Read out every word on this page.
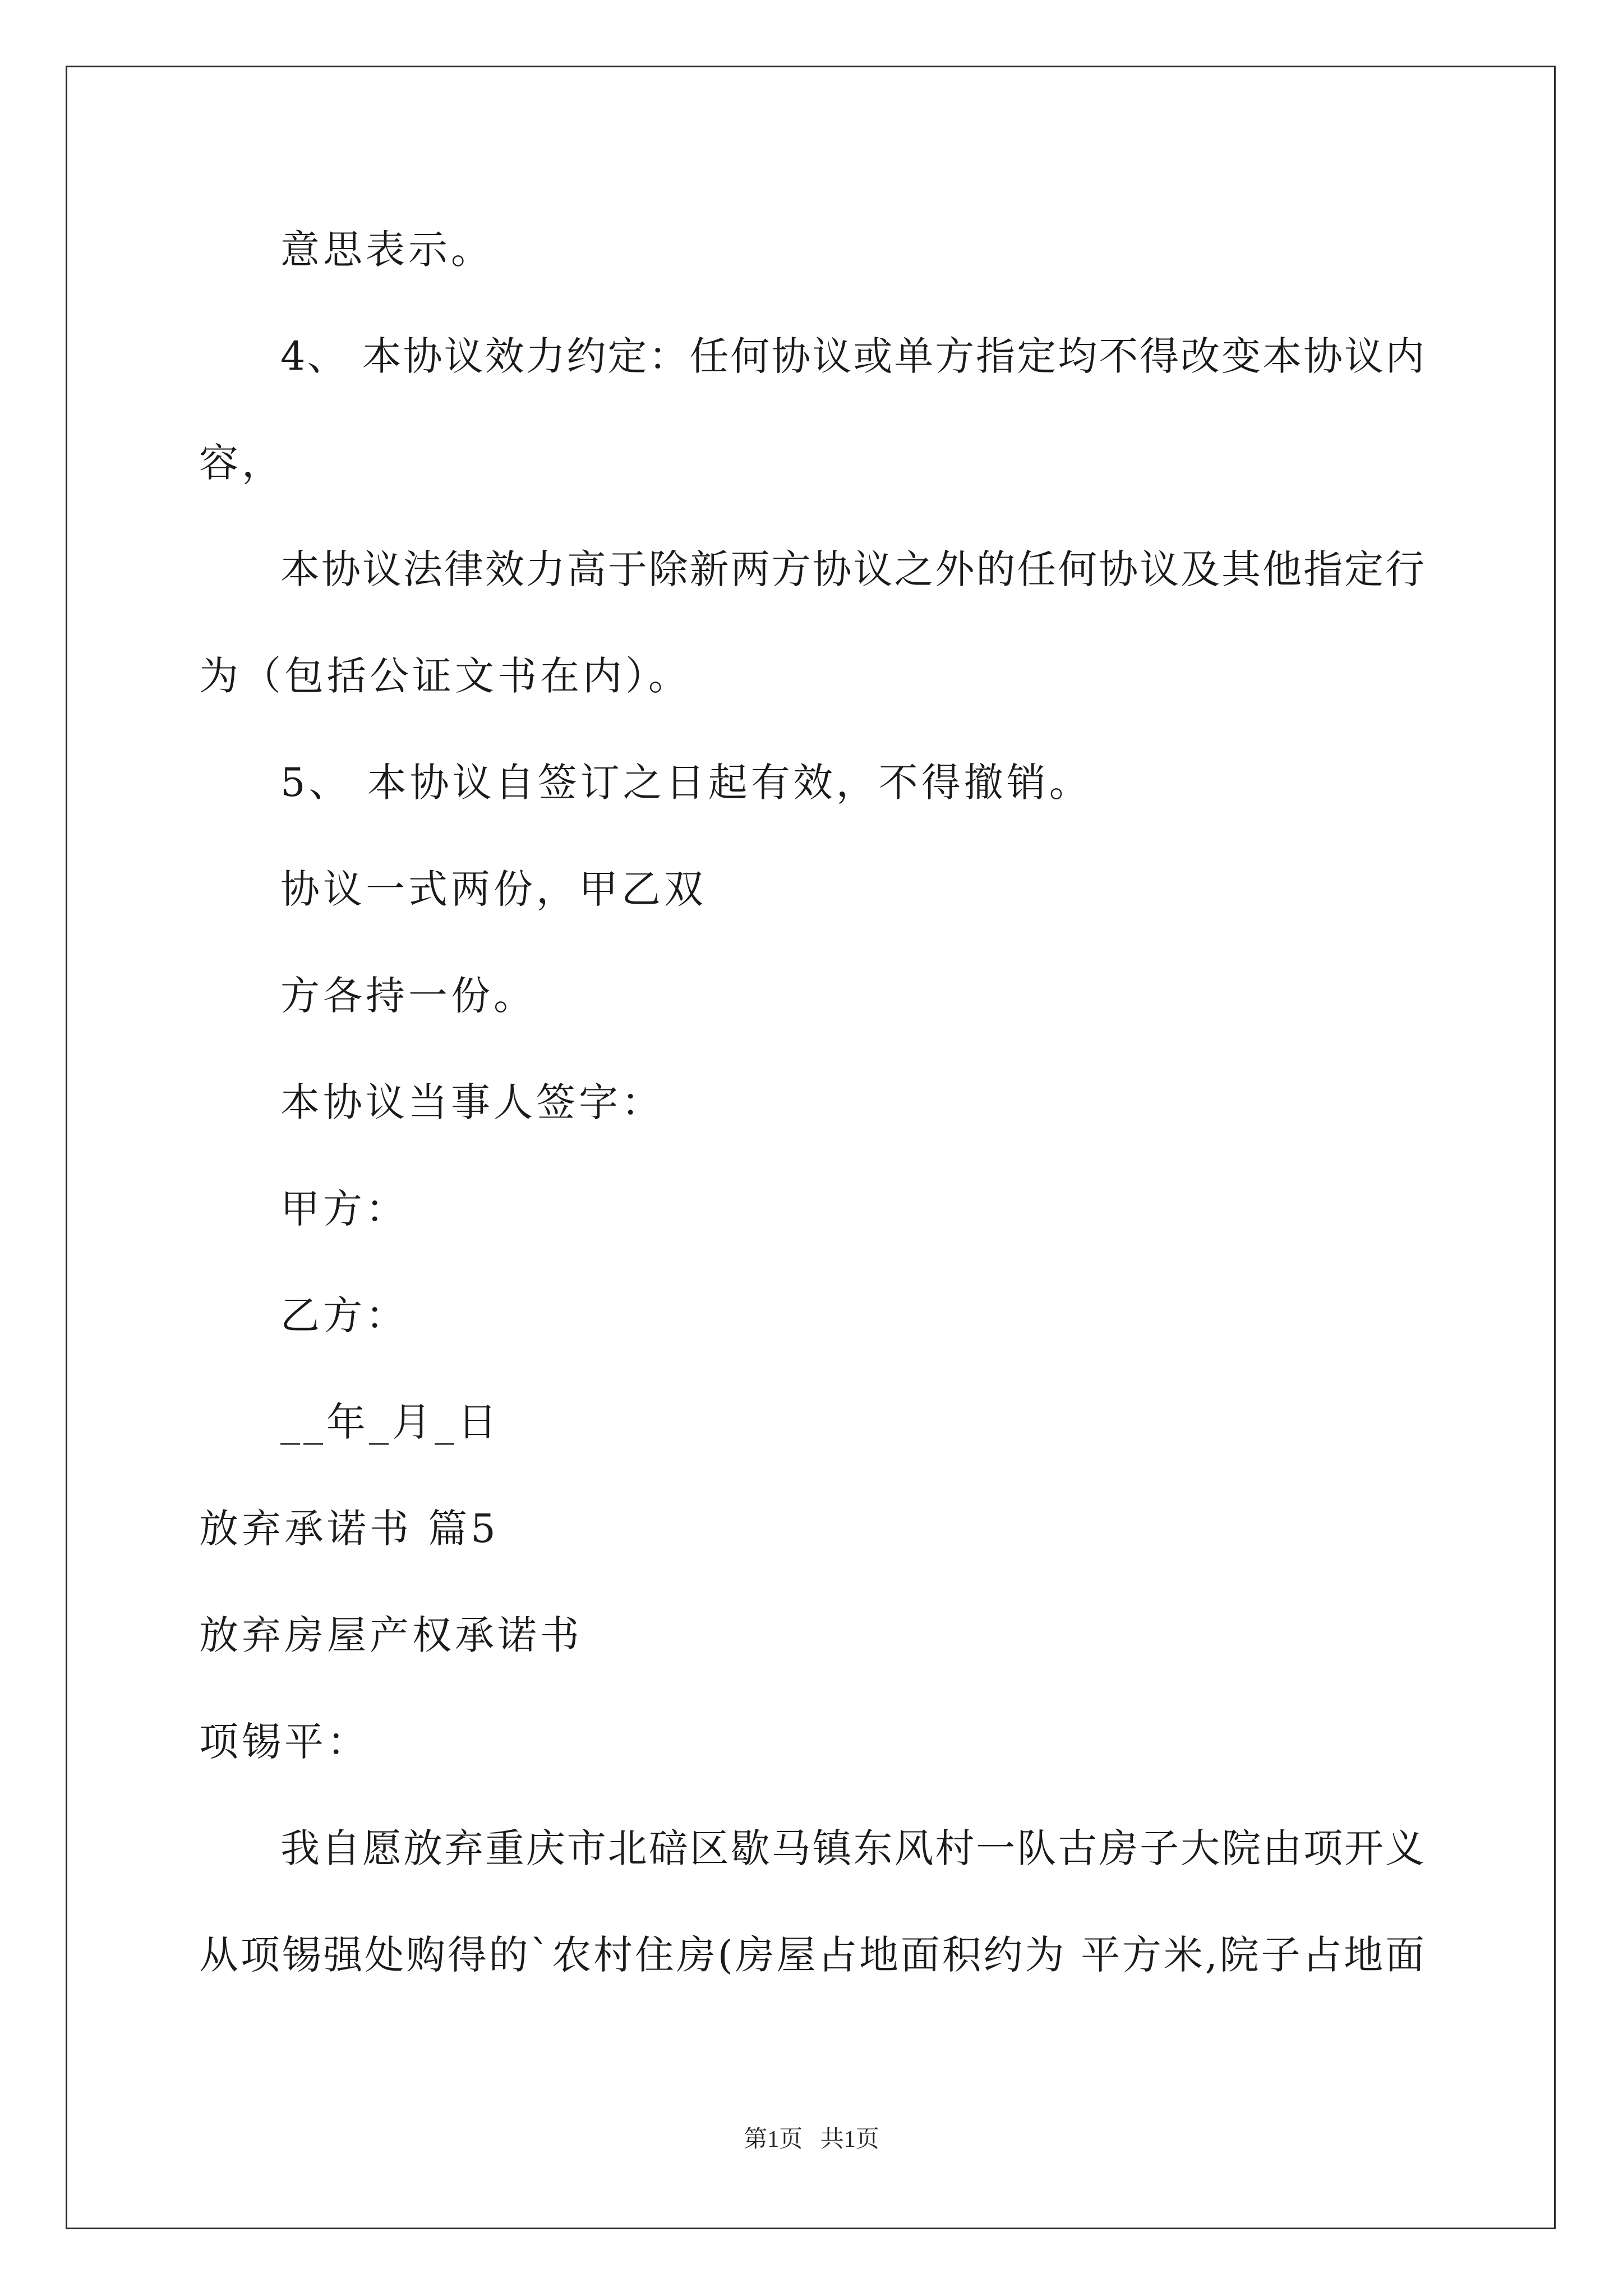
意思表示。
4、 本协议效力约定：任何协议或单方指定均不得改变本协议内
容，
本协议法律效力高于除新两方协议之外的任何协议及其他指定行
为（包括公证文书在内）。
5、 本协议自签订之日起有效，不得撤销。
协议一式两份，甲乙双
方各持一份。
本协议当事人签字：
甲方：
乙方：
__年_月_日
放弃承诺书 篇5
放弃房屋产权承诺书
项锡平：
我自愿放弃重庆市北碚区歇马镇东风村一队古房子大院由项开义
从项锡强处购得的`农村住房(房屋占地面积约为 平方米,院子占地面
第1页   共1页
